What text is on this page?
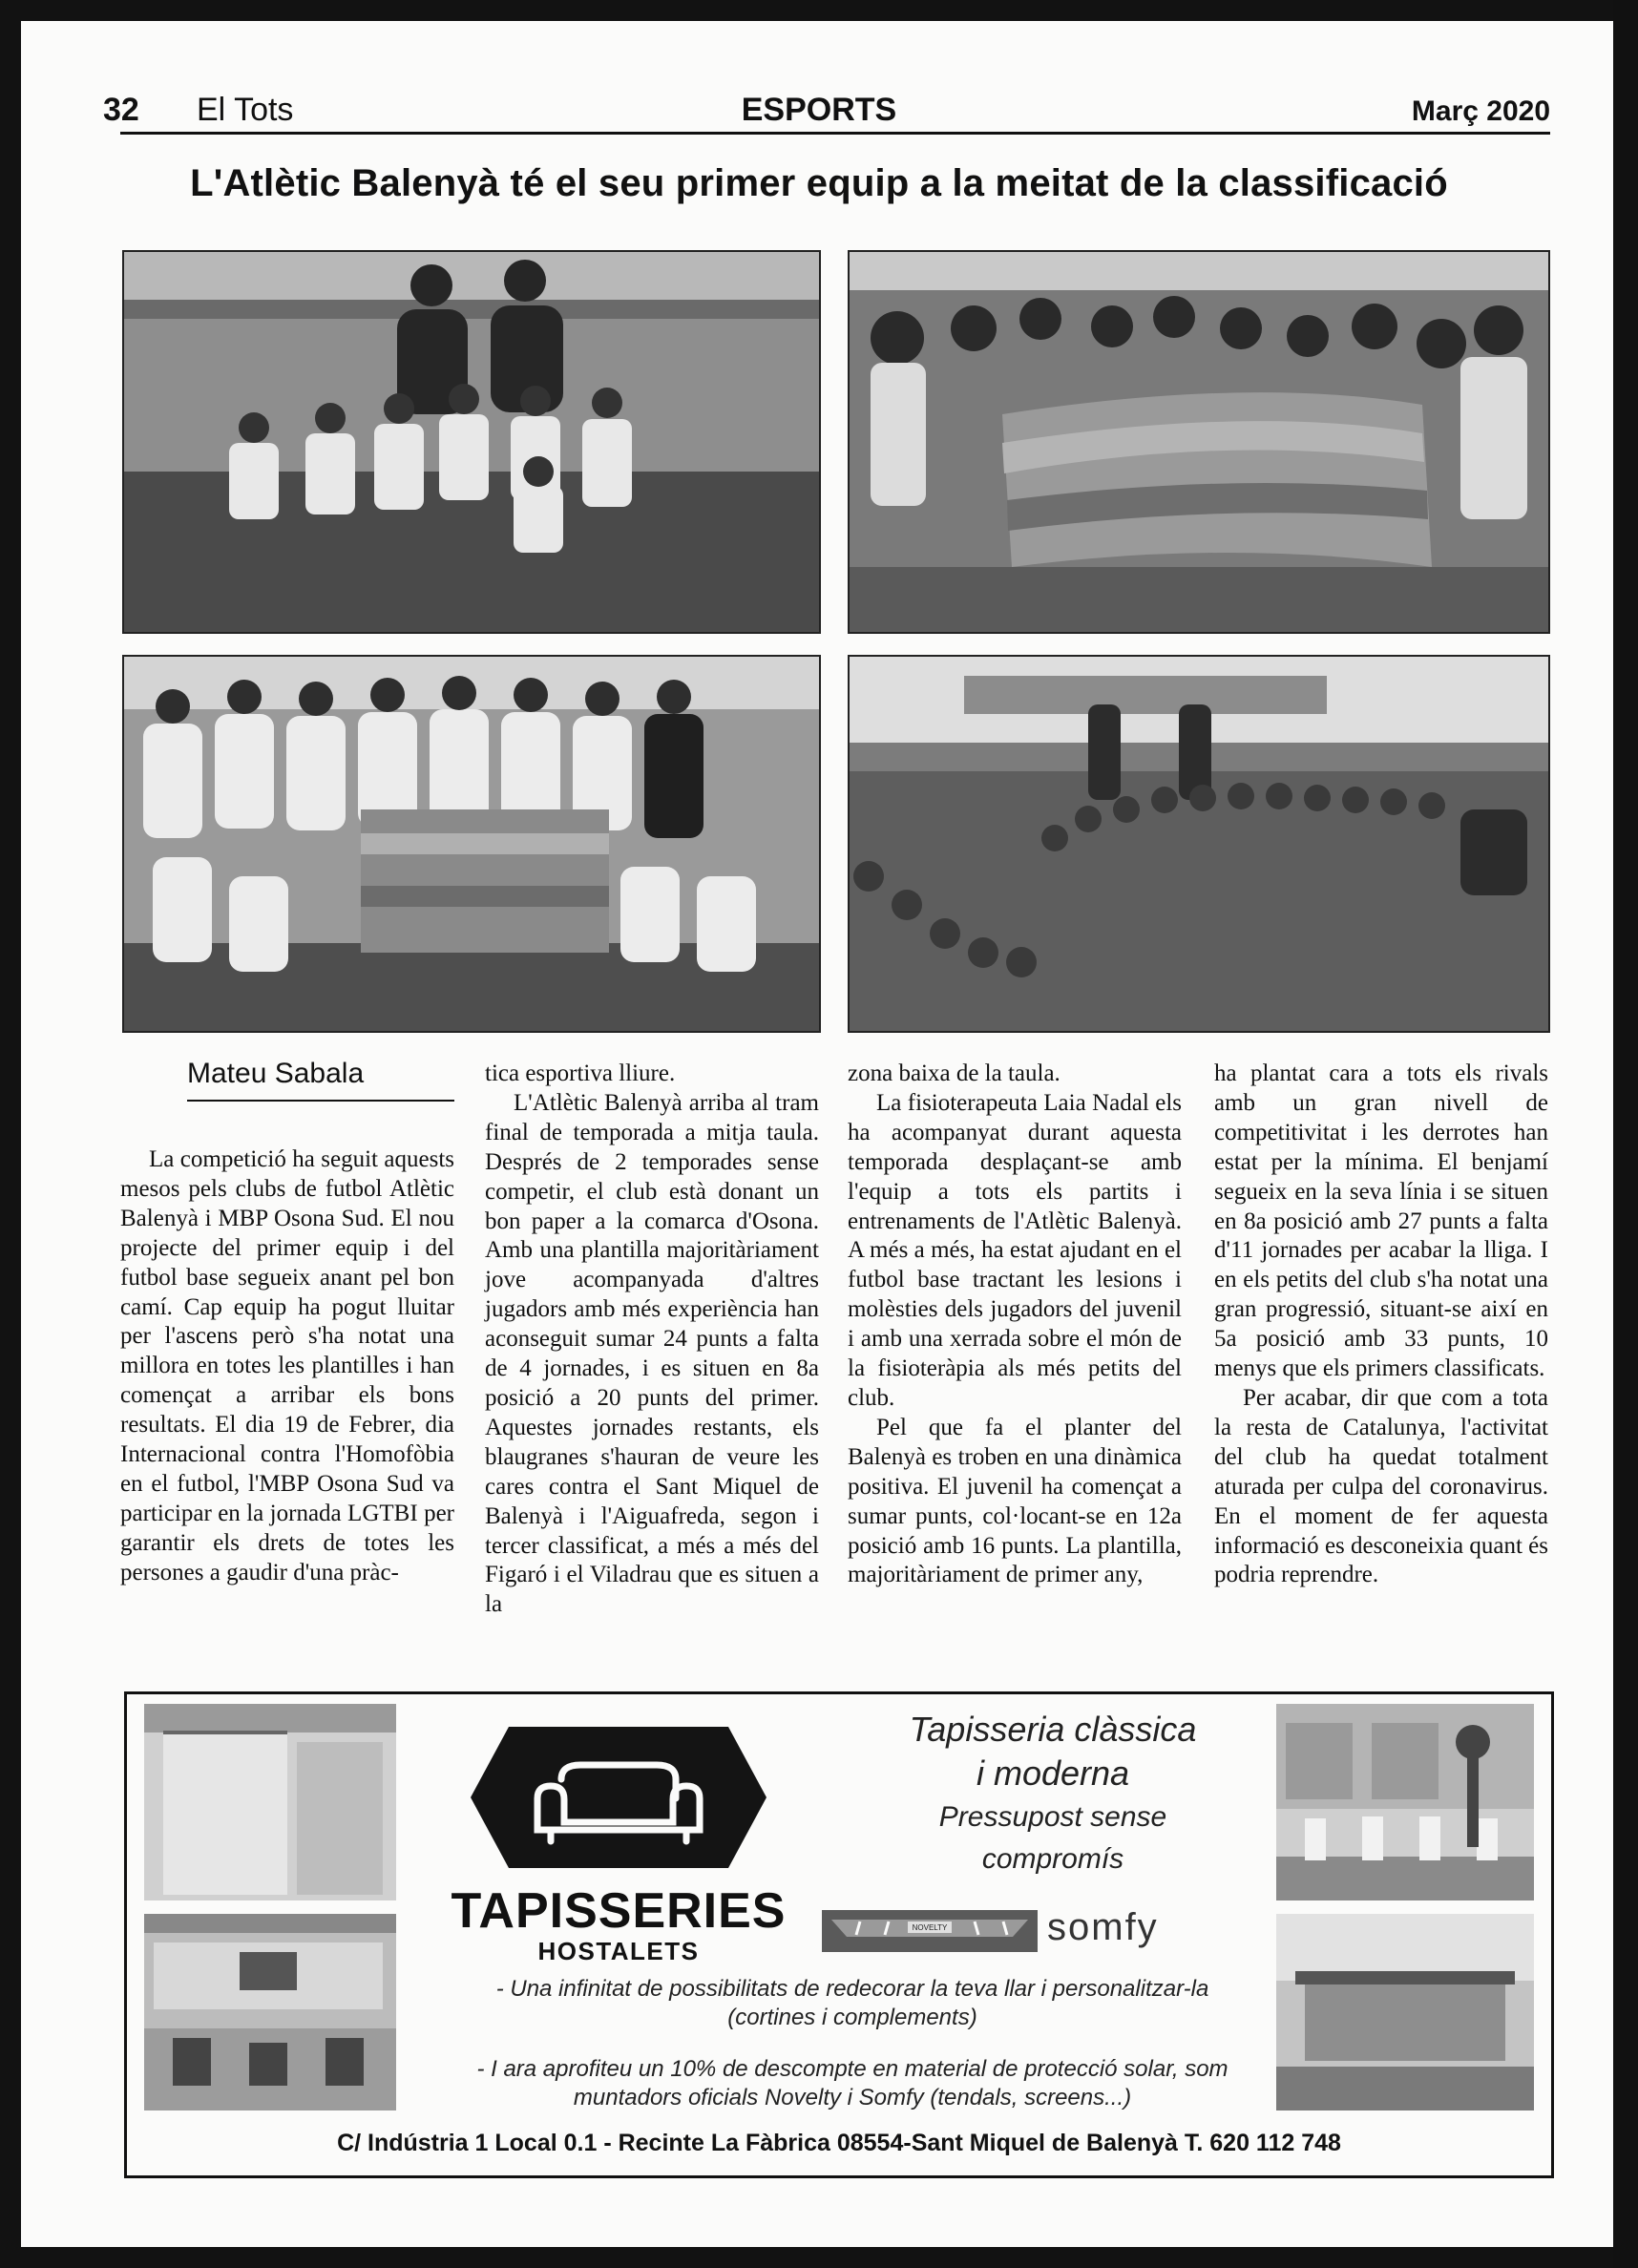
32 El Tots	ESPORTS	Març 2020
L'Atlètic Balenyà té el seu primer equip a la meitat de la classificació
Mateu Sabala

La competició ha seguit aquests mesos pels clubs de futbol Atlètic Balenyà i MBP Osona Sud. El nou projecte del primer equip i del futbol base segueix anant pel bon camí. Cap equip ha pogut lluitar per l'ascens però s'ha notat una millora en totes les plantilles i han començat a arribar els bons resultats. El dia 19 de Febrer, dia Internacional contra l'Homofòbia en el futbol, l'MBP Osona Sud va participar en la jornada LGTBI per garantir els drets de totes les persones a gaudir d'una pràc-

tica esportiva lliure.

L'Atlètic Balenyà arriba al tram final de temporada a mitja taula. Després de 2 temporades sense competir, el club està donant un bon paper a la comarca d'Osona. Amb una plantilla majoritàriament jove acompanyada d'altres jugadors amb més experiència han aconseguit sumar 24 punts a falta de 4 jornades, i es situen en 8a posició a 20 punts del primer. Aquestes jornades restants, els blaugranes s'hauran de veure les cares contra el Sant Miquel de Balenyà i l'Aiguafreda, segon i tercer classificat, a més a més del Figaró i el Viladrau que es situen a la

zona baixa de la taula.

La fisioterapeuta Laia Nadal els ha acompanyat durant aquesta temporada desplaçant-se amb l'equip a tots els partits i entrenaments de l'Atlètic Balenyà. A més a més, ha estat ajudant en el futbol base tractant les lesions i molèsties dels jugadors del juvenil i amb una xerrada sobre el món de la fisioteràpia als més petits del club.

Pel que fa el planter del Balenyà es troben en una dinàmica positiva. El juvenil ha començat a sumar punts, col·locant-se en 12a posició amb 16 punts. La plantilla, majoritàriament de primer any,

ha plantat cara a tots els rivals amb un gran nivell de competitivitat i les derrotes han estat per la mínima. El benjamí segueix en la seva línia i se situen en 8a posició amb 27 punts a falta d'11 jornades per acabar la lliga. I en els petits del club s'ha notat una gran progressió, situant-se així en 5a posició amb 33 punts, 10 menys que els primers classificats.

Per acabar, dir que com a tota la resta de Catalunya, l'activitat del club ha quedat totalment aturada per culpa del coronavirus. En el moment de fer aquesta informació es desconeixia quant és podria reprendre.

TAPISSERIES
HOSTALETS
Tapisseria clàssica
i moderna
Pressupost sense
compromís
NOVELTY	somfy
- Una infinitat de possibilitats de redecorar la teva llar i personalitzar-la
(cortines i complements)
- I ara aprofiteu un 10% de descompte en material de protecció solar, som
muntadors oficials Novelty i Somfy (tendals, screens...)
C/ Indústria 1 Local 0.1 - Recinte La Fàbrica 08554-Sant Miquel de Balenyà T. 620 112 748
